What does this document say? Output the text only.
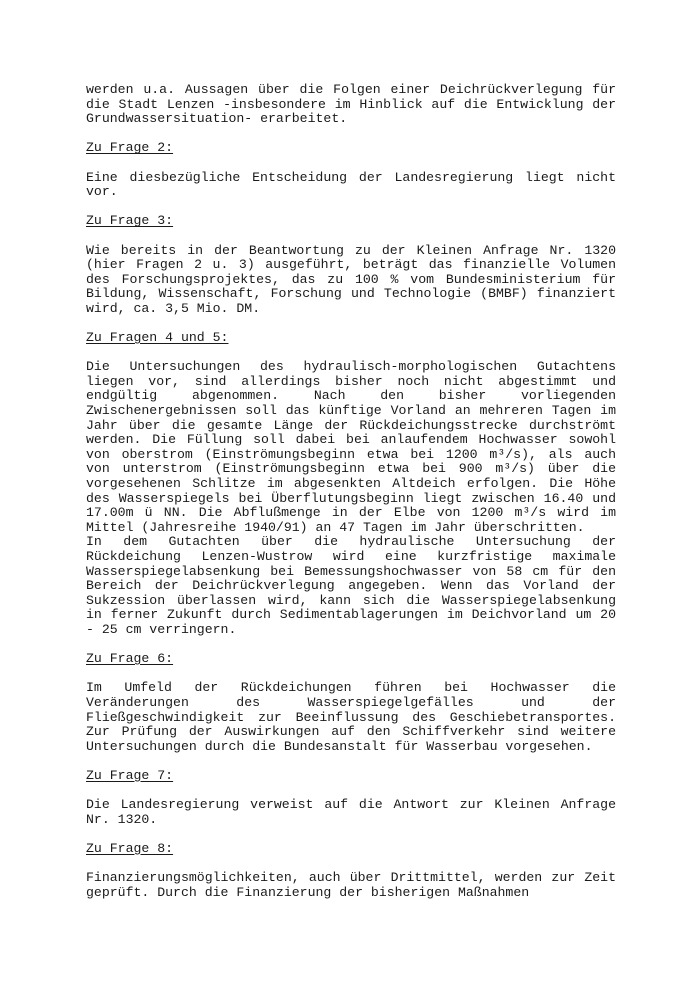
werden u.a. Aussagen über die Folgen einer Deichrückverlegung für die Stadt Lenzen -insbesondere im Hinblick auf die Entwicklung der Grundwassersituation- erarbeitet.

Zu Frage 2:

Eine diesbezügliche Entscheidung der Landesregierung liegt nicht vor.

Zu Frage 3:

Wie bereits in der Beantwortung zu der Kleinen Anfrage Nr. 1320 (hier Fragen 2 u. 3) ausgeführt, beträgt das finanzielle Volumen des Forschungsprojektes, das zu 100 % vom Bundesministerium für Bildung, Wissenschaft, Forschung und Technologie (BMBF) finanziert wird, ca. 3,5 Mio. DM.

Zu Fragen 4 und 5:

Die Untersuchungen des hydraulisch-morphologischen Gutachtens liegen vor, sind allerdings bisher noch nicht abgestimmt und endgültig abgenommen. Nach den bisher vorliegenden Zwischenergebnissen soll das künftige Vorland an mehreren Tagen im Jahr über die gesamte Länge der Rückdeichungsstrecke durchströmt werden. Die Füllung soll dabei bei anlaufendem Hochwasser sowohl von oberstrom (Einströmungsbeginn etwa bei 1200 m³/s), als auch von unterstrom (Einströmungsbeginn etwa bei 900 m³/s) über die vorgesehenen Schlitze im abgesenkten Altdeich erfolgen. Die Höhe des Wasserspiegels bei Überflutungsbeginn liegt zwischen 16.40 und 17.00m ü NN. Die Abflußmenge in der Elbe von 1200 m³/s wird im Mittel (Jahresreihe 1940/91) an 47 Tagen im Jahr überschritten.

In dem Gutachten über die hydraulische Untersuchung der Rückdeichung Lenzen-Wustrow wird eine kurzfristige maximale Wasserspiegelabsenkung bei Bemessungshochwasser von 58 cm für den Bereich der Deichrückverlegung angegeben. Wenn das Vorland der Sukzession überlassen wird, kann sich die Wasserspiegelabsenkung in ferner Zukunft durch Sedimentablagerungen im Deichvorland um 20 - 25 cm verringern.

Zu Frage 6:

Im Umfeld der Rückdeichungen führen bei Hochwasser die Veränderungen des Wasserspiegelgefälles und der Fließgeschwindigkeit zur Beeinflussung des Geschiebetransportes. Zur Prüfung der Auswirkungen auf den Schiffverkehr sind weitere Untersuchungen durch die Bundesanstalt für Wasserbau vorgesehen.

Zu Frage 7:

Die Landesregierung verweist auf die Antwort zur Kleinen Anfrage Nr. 1320.

Zu Frage 8:

Finanzierungsmöglichkeiten, auch über Drittmittel, werden zur Zeit geprüft. Durch die Finanzierung der bisherigen Maßnahmen
